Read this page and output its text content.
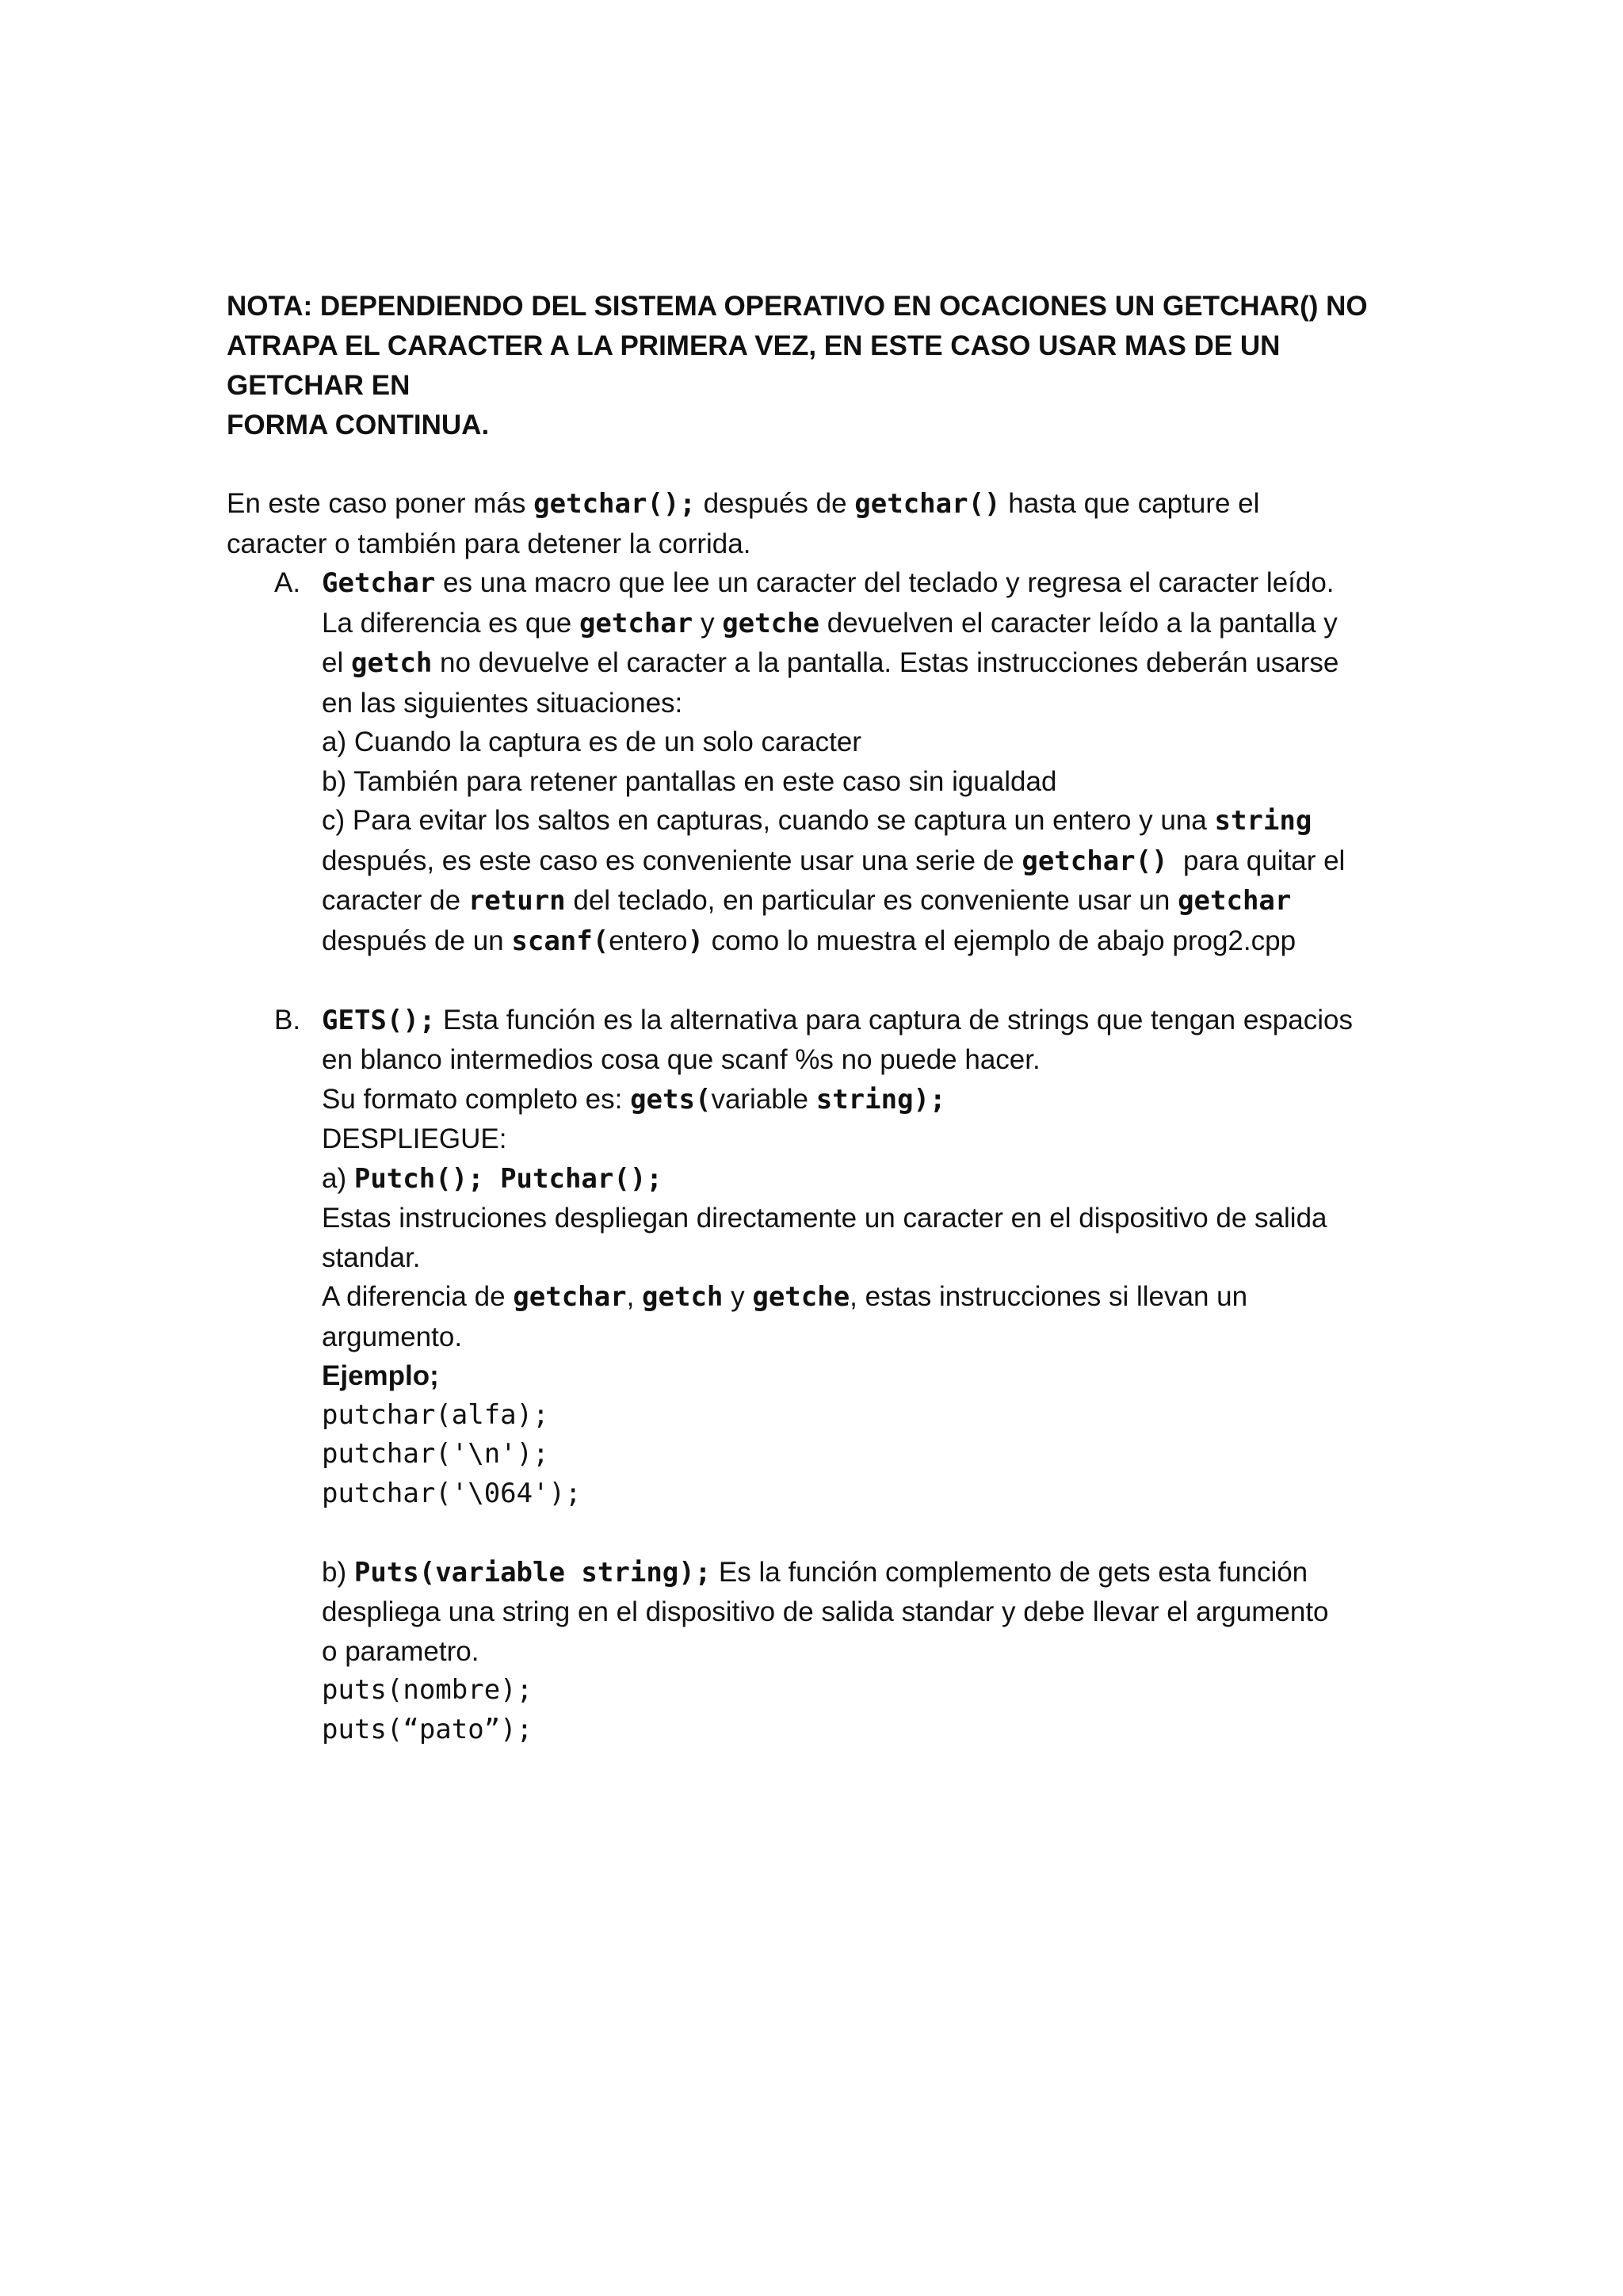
NOTA: DEPENDIENDO DEL SISTEMA OPERATIVO EN OCACIONES UN GETCHAR() NO

ATRAPA EL CARACTER A LA PRIMERA VEZ, EN ESTE CASO USAR MAS DE UN GETCHAR EN

FORMA CONTINUA.

En este caso poner más getchar(); después de getchar() hasta que capture el

caracter o también para detener la corrida.

A. Getchar es una macro que lee un caracter del teclado y regresa el caracter leído.

La diferencia es que getchar y getche devuelven el caracter leído a la pantalla y

el getch no devuelve el caracter a la pantalla. Estas instrucciones deberán usarse

en las siguientes situaciones:

a) Cuando la captura es de un solo caracter

b) También para retener pantallas en este caso sin igualdad

c) Para evitar los saltos en capturas, cuando se captura un entero y una string

después, es este caso es conveniente usar una serie de getchar()  para quitar el

caracter de return del teclado, en particular es conveniente usar un getchar

después de un scanf(entero) como lo muestra el ejemplo de abajo prog2.cpp

B. GETS(); Esta función es la alternativa para captura de strings que tengan espacios

en blanco intermedios cosa que scanf %s no puede hacer.

Su formato completo es: gets(variable string);

DESPLIEGUE:

a) Putch(); Putchar();

Estas instruciones despliegan directamente un caracter en el dispositivo de salida

standar.

A diferencia de getchar, getch y getche, estas instrucciones si llevan un

argumento.

Ejemplo;

putchar(alfa);

putchar('\n');

putchar('\064');

b) Puts(variable string); Es la función complemento de gets esta función

despliega una string en el dispositivo de salida standar y debe llevar el argumento

o parametro.

puts(nombre);

puts(“pato”);
